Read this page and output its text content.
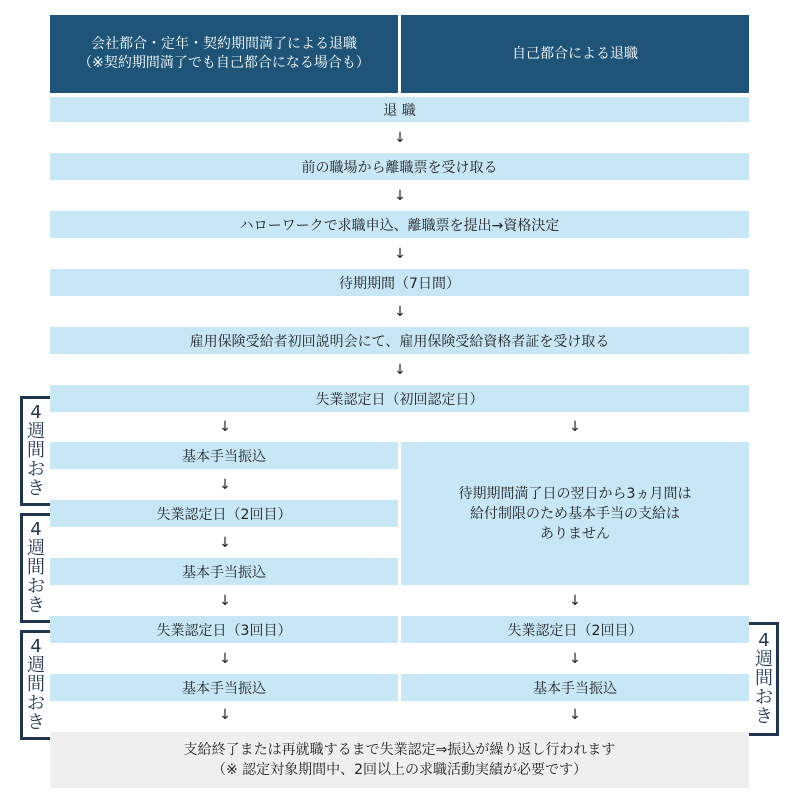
会社都合・定年・契約期間満了による退職
（※契約期間満了でも自己都合になる場合も）
自己都合による退職
退 職
↓
前の職場から離職票を受け取る
↓
ハローワークで求職申込、離職票を提出→資格決定
↓
待期期間（7日間）
↓
雇用保険受給者初回説明会にて、雇用保険受給資格者証を受け取る
↓
失業認定日（初回認定日）
↓	↓
基本手当振込
↓
失業認定日（2回目）
↓
基本手当振込
↓
失業認定日（3回目）
↓
基本手当振込
↓
待期期間満了日の翌日から3ヵ月間は
給付制限のため基本手当の支給は
ありません
↓
失業認定日（2回目）
↓
基本手当振込
↓
支給終了または再就職するまで失業認定⇒振込が繰り返し行われます
（※ 認定対象期間中、2回以上の求職活動実績が必要です）
4
週
間
お
き
4
週
間
お
き
4
週
間
お
き
4
週
間
お
き
